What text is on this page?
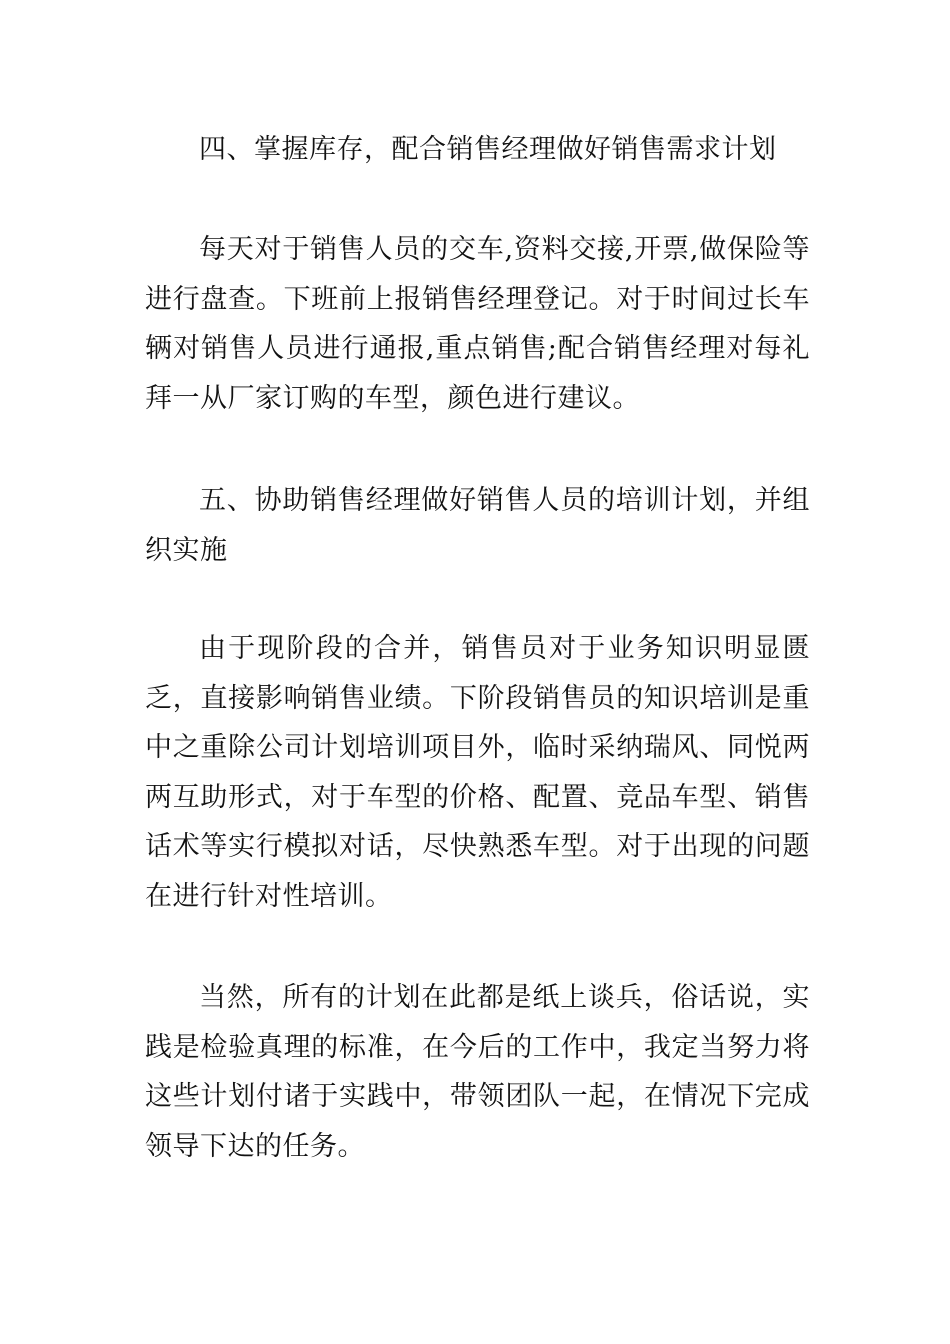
四、掌握库存，配合销售经理做好销售需求计划

每天对于销售人员的交车,资料交接,开票,做保险等进行盘查。下班前上报销售经理登记。对于时间过长车辆对销售人员进行通报,重点销售;配合销售经理对每礼拜一从厂家订购的车型，颜色进行建议。

五、协助销售经理做好销售人员的培训计划，并组织实施

由于现阶段的合并，销售员对于业务知识明显匮乏，直接影响销售业绩。下阶段销售员的知识培训是重中之重除公司计划培训项目外，临时采纳瑞风、同悦两两互助形式，对于车型的价格、配置、竞品车型、销售话术等实行模拟对话，尽快熟悉车型。对于出现的问题在进行针对性培训。

当然，所有的计划在此都是纸上谈兵，俗话说，实践是检验真理的标准，在今后的工作中，我定当努力将这些计划付诸于实践中，带领团队一起，在情况下完成领导下达的任务。
